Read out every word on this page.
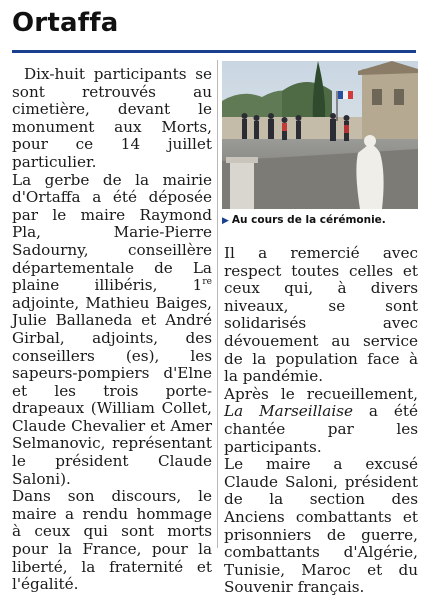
Ortaffa

Dix-huit participants se sont retrouvés au cimetière, devant le monument aux Morts, pour ce 14 juillet particulier.

La gerbe de la mairie d'Ortaffa a été déposée par le maire Raymond Pla, Marie-Pierre Sadourny, conseillère départementale de La plaine illibéris, 1re adjointe, Mathieu Baiges, Julie Ballaneda et André Girbal, adjoints, des conseillers (es), les sapeurs-pompiers d'Elne et les trois porte-drapeaux (William Collet, Claude Chevalier et Amer Selmanovic, représentant le président Claude Saloni).

Dans son discours, le maire a rendu hommage à ceux qui sont morts pour la France, pour la liberté, la fraternité et l'égalité.

▶ Au cours de la cérémonie.

Il a remercié avec respect toutes celles et ceux qui, à divers niveaux, se sont solidarisés avec dévouement au service de la population face à la pandémie.

Après le recueillement, La Marseillaise a été chantée par les participants.

Le maire a excusé Claude Saloni, président de la section des Anciens combattants et prisonniers de guerre, combattants d'Algérie, Tunisie, Maroc et du Souvenir français.
